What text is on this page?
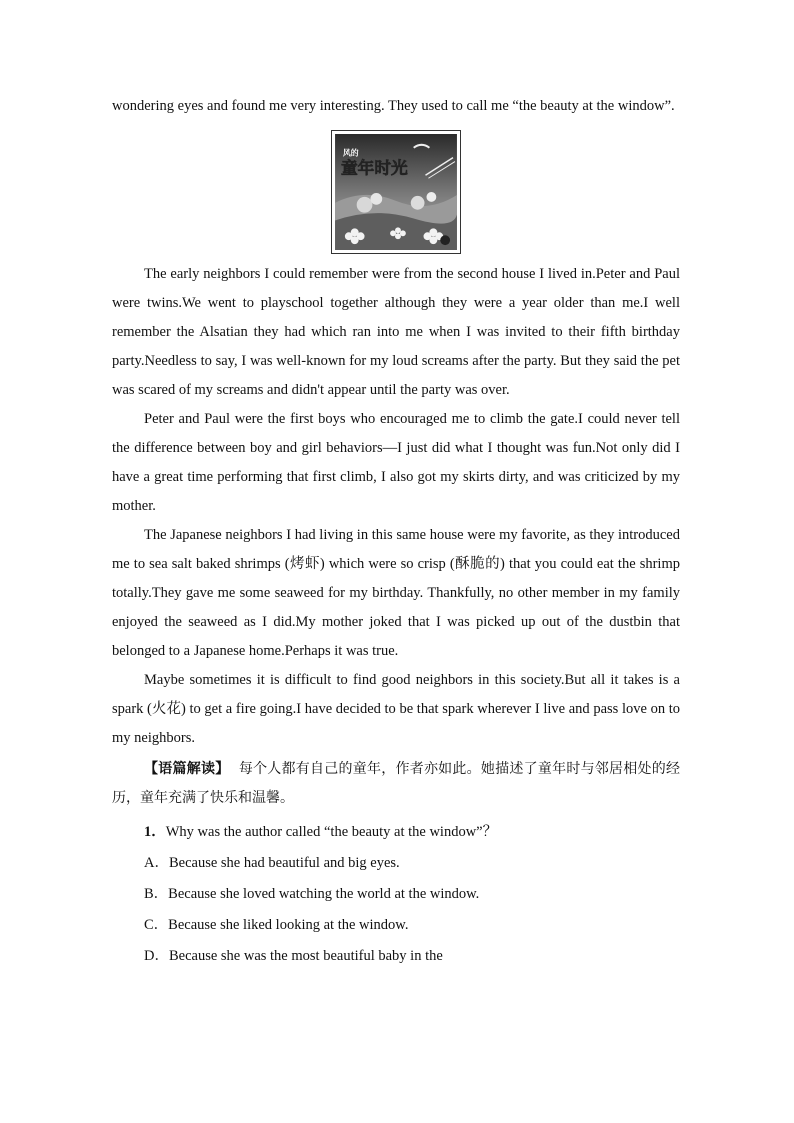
wondering eyes and found me very interesting. They used to call me “the beauty at the window”.

风的
童年时光

The early neighbors I could remember were from the second house I lived in.Peter and Paul were twins.We went to playschool together although they were a year older than me.I well remember the Alsatian they had which ran into me when I was invited to their fifth birthday party.Needless to say, I was well-known for my loud screams after the party. But they said the pet was scared of my screams and didn't appear until the party was over.

Peter and Paul were the first boys who encouraged me to climb the gate.I could never tell the difference between boy and girl behaviors—I just did what I thought was fun.Not only did I have a great time performing that first climb, I also got my skirts dirty, and was criticized by my mother.

The Japanese neighbors I had living in this same house were my favorite, as they introduced me to sea salt baked shrimps (烤虾) which were so crisp (酥脆的) that you could eat the shrimp totally.They gave me some seaweed for my birthday. Thankfully, no other member in my family enjoyed the seaweed as I did.My mother joked that I was picked up out of the dustbin that belonged to a Japanese home.Perhaps it was true.

Maybe sometimes it is difficult to find good neighbors in this society.But all it takes is a spark (火花) to get a fire going.I have decided to be that spark wherever I live and pass love on to my neighbors.

【语篇解读】 每个人都有自己的童年，作者亦如此。她描述了童年时与邻居相处的经历，童年充满了快乐和温馨。

1．Why was the author called “the beauty at the window”？
A．Because she had beautiful and big eyes.
B．Because she loved watching the world at the window.
C．Because she liked looking at the window.
D．Because she was the most beautiful baby in the
